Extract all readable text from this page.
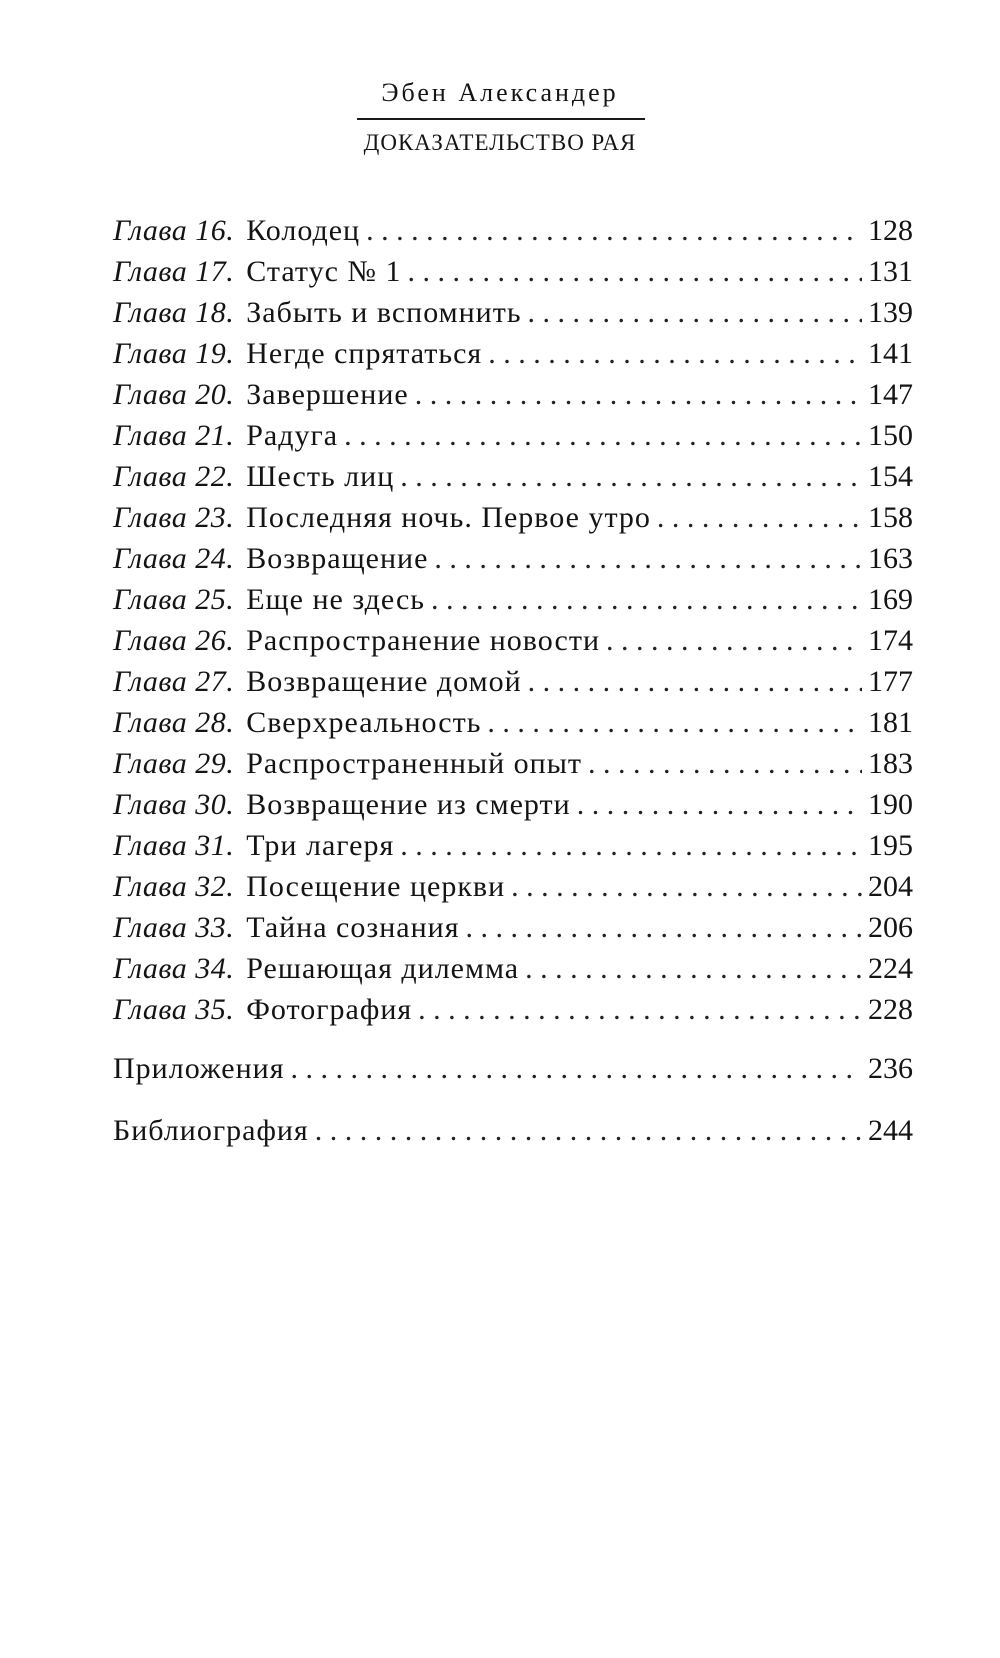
Эбен Александер
ДОКАЗАТЕЛЬСТВО РАЯ
Глава 16. Колодец . . .	128
Глава 17. Статус № 1 . . .	131
Глава 18. Забыть и вспомнить . . .	139
Глава 19. Негде спрятаться . . .	141
Глава 20. Завершение . . .	147
Глава 21. Радуга . . .	150
Глава 22. Шесть лиц . . .	154
Глава 23. Последняя ночь. Первое утро . . .	158
Глава 24. Возвращение . . .	163
Глава 25. Еще не здесь . . .	169
Глава 26. Распространение новости . . .	174
Глава 27. Возвращение домой . . .	177
Глава 28. Сверхреальность . . .	181
Глава 29. Распространенный опыт . . .	183
Глава 30. Возвращение из смерти . . .	190
Глава 31. Три лагеря . . .	195
Глава 32. Посещение церкви . . .	204
Глава 33. Тайна сознания . . .	206
Глава 34. Решающая дилемма . . .	224
Глава 35. Фотография . . .	228
Приложения . . .	236
Библиография . . .	244
